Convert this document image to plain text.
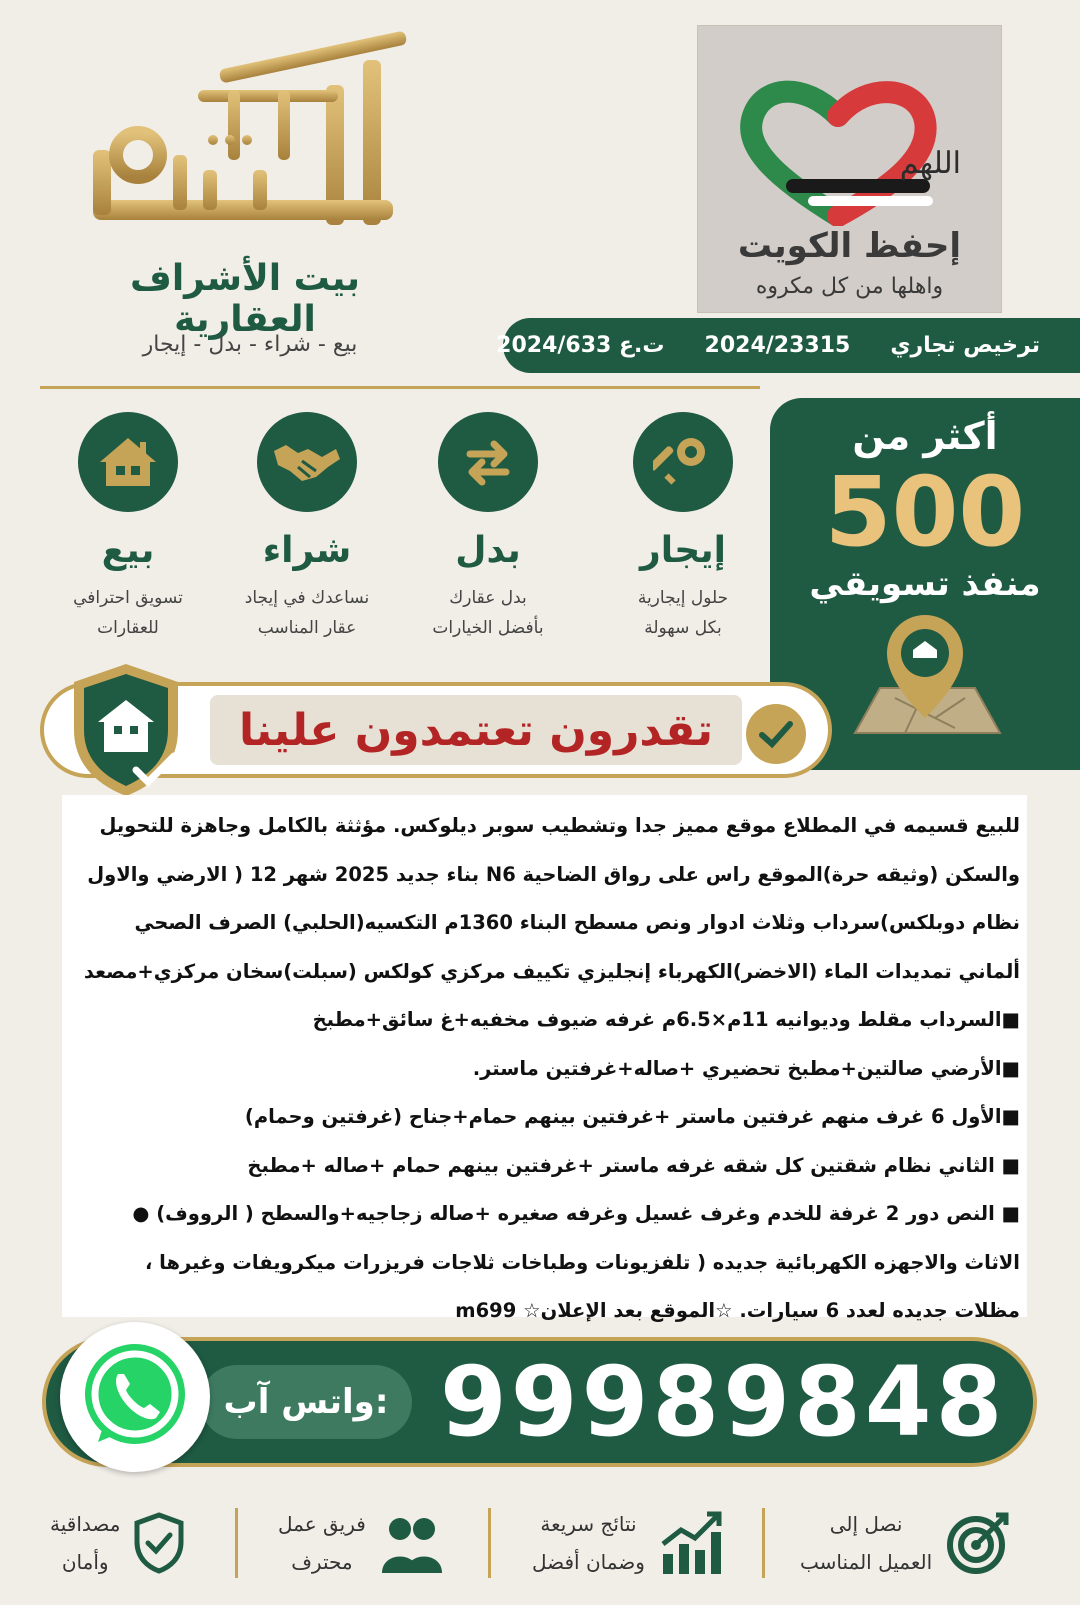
بيت الأشراف العقارية
بيع - شراء - بدل - إيجار
اللهم
إحفظ الكويت
واهلها من كل مكروه
ترخيص تجاري
2024/23315
ت.ع 2024/633
أكثر من
500
منفذ تسويقي
إيجار
حلول إيجارية
بكل سهولة
بدل
بدل عقارك
بأفضل الخيارات
شراء
نساعدك في إيجاد
عقار المناسب
بيع
تسويق احترافي
للعقارات
تقدرون تعتمدون علينا

للبيع قسيمه في المطلاع موقع مميز جدا وتشطيب سوبر ديلوكس. مؤثثة بالكامل وجاهزة للتحويل

والسكن (وثيقه حرة)الموقع راس على رواق الضاحية N6 بناء جديد 2025 شهر 12 ( الارضي والاول

نظام دوبلكس)سرداب وثلاث ادوار ونص مسطح البناء 1360م التكسيه(الحلبي) الصرف الصحي

ألماني تمديدات الماء (الاخضر)الكهرباء إنجليزي تكييف مركزي كولكس (سبلت)سخان مركزي+مصعد

■السرداب مقلط وديوانيه 11م×6.5م غرفه ضيوف مخفيه+غ سائق+مطبخ

■الأرضي صالتين+مطبخ تحضيري +صاله+غرفتين ماستر.

■الأول 6 غرف منهم غرفتين ماستر +غرفتين بينهم حمام+جناح (غرفتين وحمام)

■ الثاني نظام شقتين كل شقه غرفه ماستر +غرفتين بينهم حمام +صاله +مطبخ

■ النص دور 2 غرفة للخدم وغرف غسيل وغرفه صغيره +صاله زجاجيه+والسطح ( الرووف) ●

الاثاث والاجهزه الكهربائية جديده ( تلفزيونات وطباخات ثلاجات فريزرات ميكرويفات وغيرها ،

مظلات جديده لعدد 6 سيارات. ☆الموقع بعد الإعلان☆ m699

واتس آب: 99989848
نصل إلى
العميل المناسب
نتائج سريعة
وضمان أفضل
فريق عمل
محترف
مصداقية
وأمان
